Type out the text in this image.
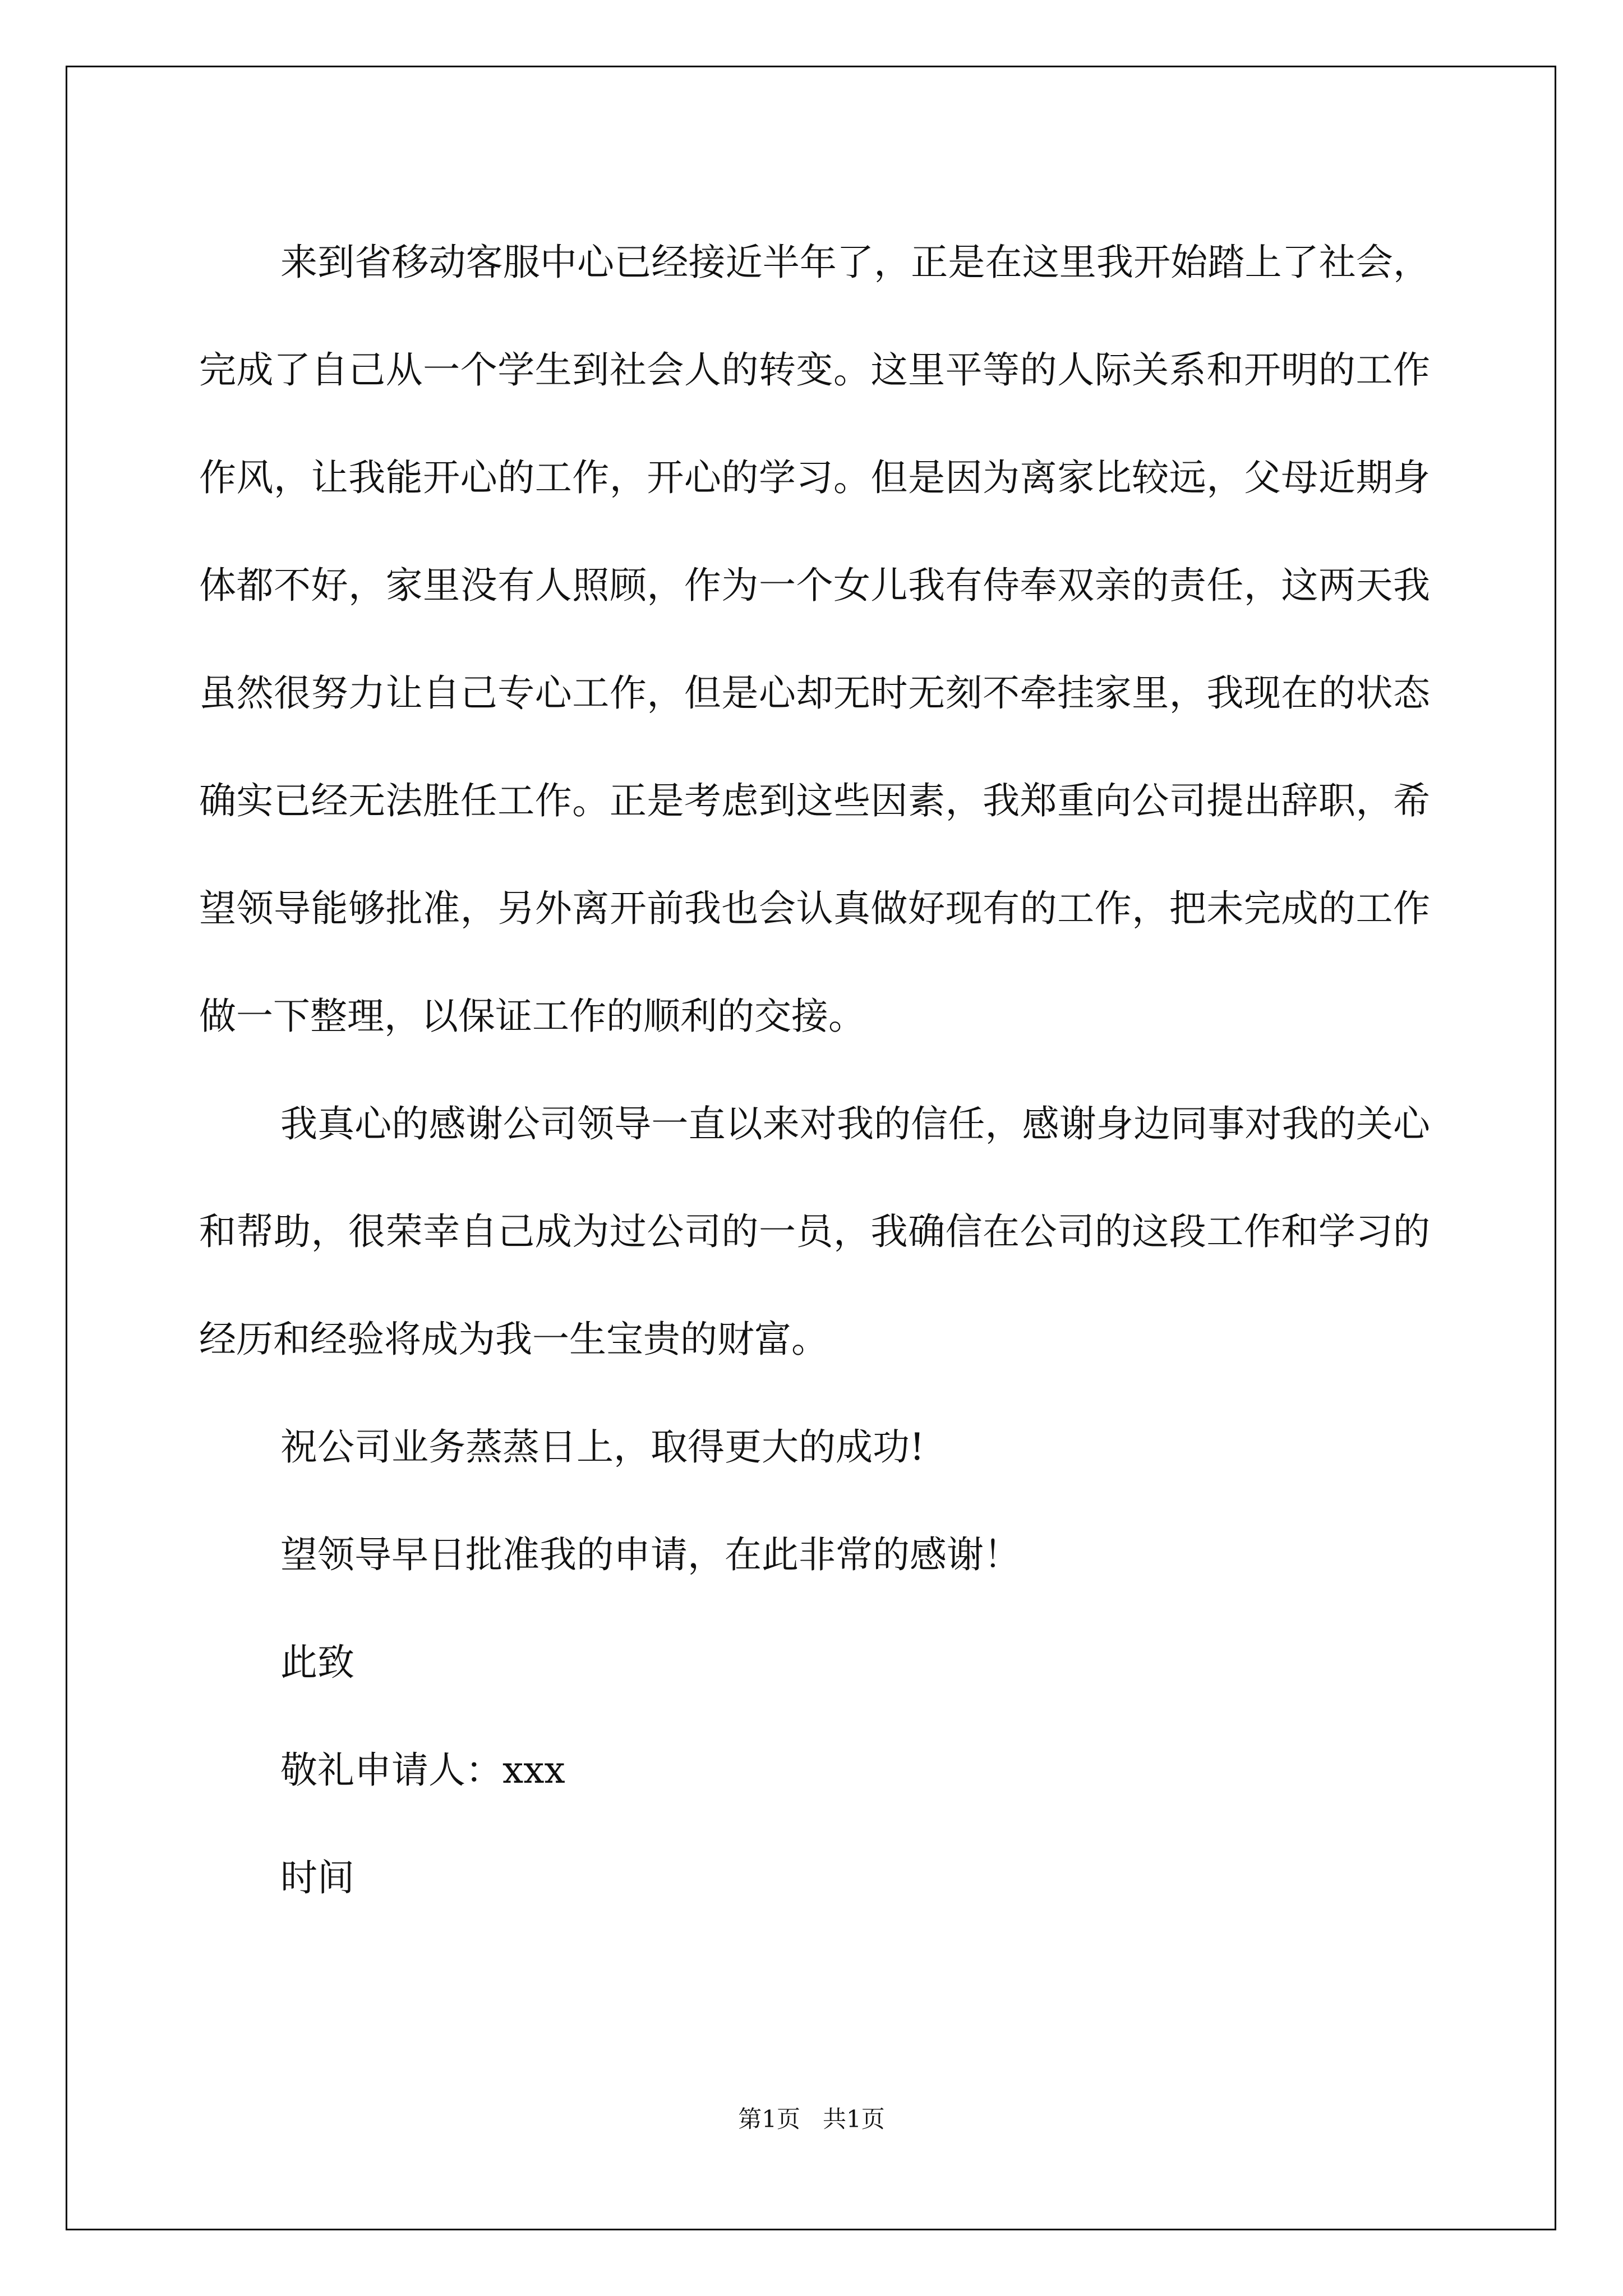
来到省移动客服中心已经接近半年了，正是在这里我开始踏上了社会，完成了自己从一个学生到社会人的转变。这里平等的人际关系和开明的工作作风，让我能开心的工作，开心的学习。但是因为离家比较远，父母近期身体都不好，家里没有人照顾，作为一个女儿我有侍奉双亲的责任，这两天我虽然很努力让自己专心工作，但是心却无时无刻不牵挂家里，我现在的状态确实已经无法胜任工作。正是考虑到这些因素，我郑重向公司提出辞职，希望领导能够批准，另外离开前我也会认真做好现有的工作，把未完成的工作做一下整理，以保证工作的顺利的交接。

我真心的感谢公司领导一直以来对我的信任，感谢身边同事对我的关心和帮助，很荣幸自己成为过公司的一员，我确信在公司的这段工作和学习的经历和经验将成为我一生宝贵的财富。

祝公司业务蒸蒸日上，取得更大的成功!

望领导早日批准我的申请，在此非常的感谢！

此致

敬礼申请人：xxx

时间

第1页   共1页
